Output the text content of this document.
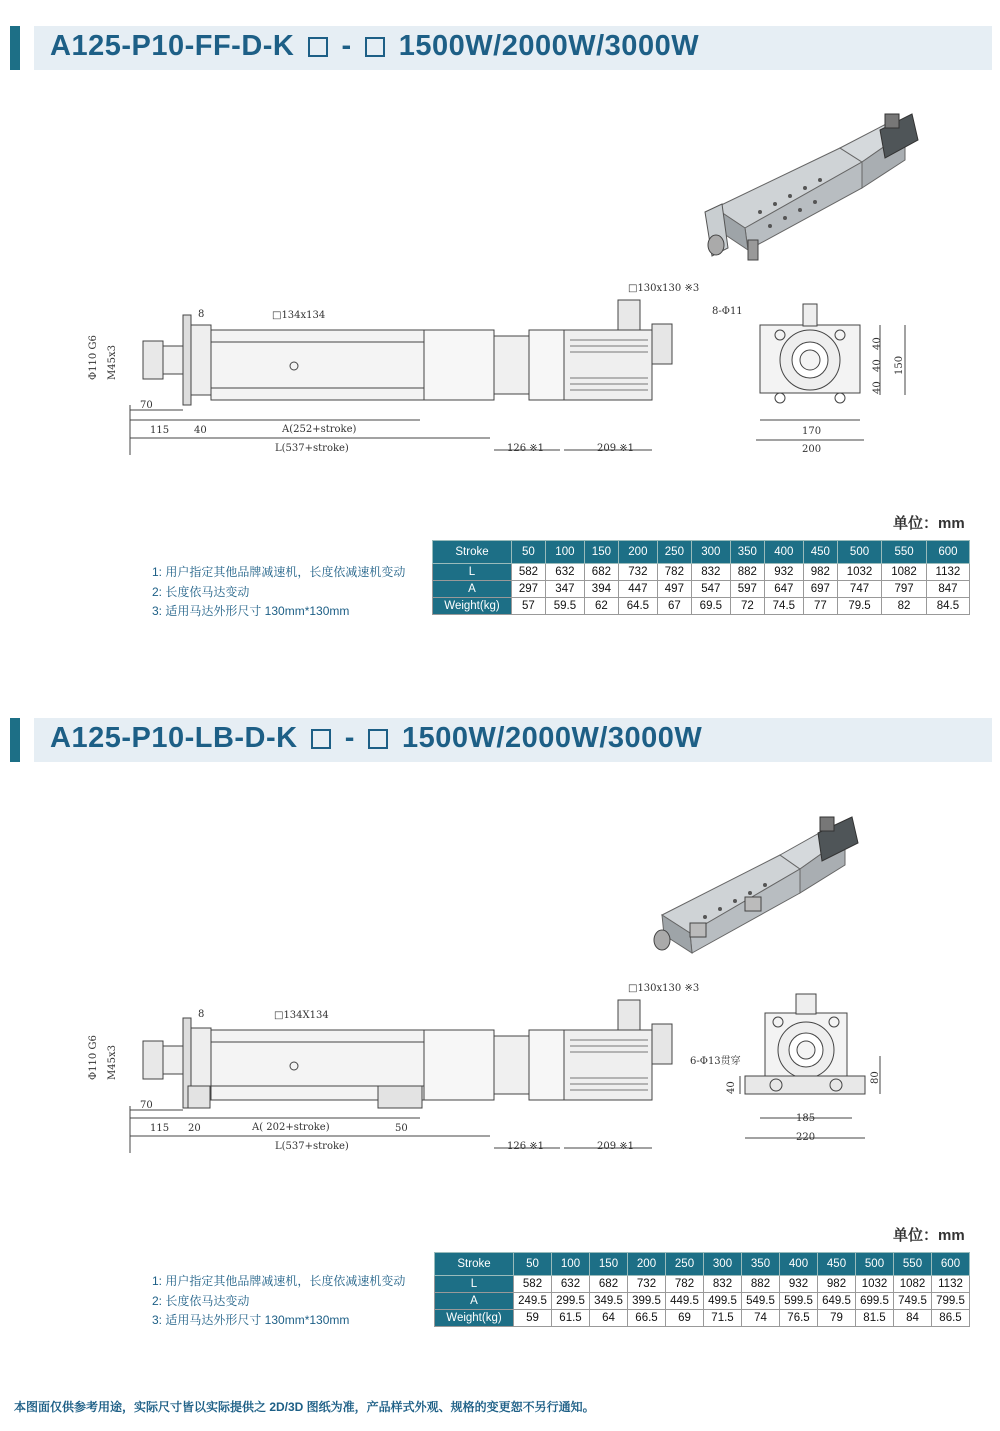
A125-P10-FF-D-K - 1500W/2000W/3000W
□134x134
□130x130 ※3
8
Φ110 G6 M45x3
70
115 40	A(252+stroke)
L(537+stroke)	126 ※1	209 ※1
8-Φ11
40
40
40
150
170
200
单位：mm
1: 用户指定其他品牌减速机，长度依减速机变动
2: 长度依马达变动
3: 适用马达外形尺寸 130mm*130mm
Stroke	50	100	150	200	250	300	350	400	450	500	550	600
L	582	632	682	732	782	832	882	932	982	1032	1082	1132
A	297	347	394	447	497	547	597	647	697	747	797	847
Weight(kg)	57	59.5	62	64.5	67	69.5	72	74.5	77	79.5	82	84.5
A125-P10-LB-D-K - 1500W/2000W/3000W
□134X134
□130x130 ※3
8
Φ110 G6 M45x3
70
115 20	A( 202+stroke)	50
L(537+stroke)	126 ※1	209 ※1
6-Φ13贯穿
40
80
185
220
单位：mm
1: 用户指定其他品牌减速机，长度依减速机变动
2: 长度依马达变动
3: 适用马达外形尺寸 130mm*130mm
Stroke	50	100	150	200	250	300	350	400	450	500	550	600
L	582	632	682	732	782	832	882	932	982	1032	1082	1132
A	249.5	299.5	349.5	399.5	449.5	499.5	549.5	599.5	649.5	699.5	749.5	799.5
Weight(kg)	59	61.5	64	66.5	69	71.5	74	76.5	79	81.5	84	86.5
本图面仅供参考用途，实际尺寸皆以实际提供之 2D/3D 图纸为准，产品样式外观、规格的变更恕不另行通知。
